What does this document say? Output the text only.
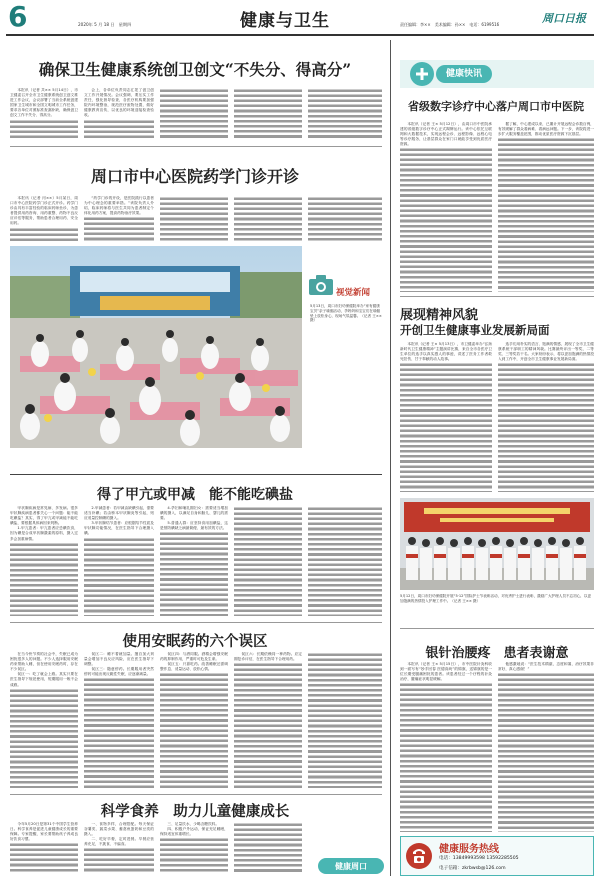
6	2020年 5 月 18 日　星期四	健康与卫生	责任编辑：李××　美术编辑：孙××　电话：6199516	周口日报
确保卫生健康系统创卫创文“不失分、得高分”

本报讯（记者 共×× 5月14日），市卫健委召开全市卫生健康系统创卫创文推进工作会议，会议部署了当前全系统创建国家卫生城市和全国文明城市工作任务，要求各单位对照标准查漏补缺，确保创卫创文工作不失分、得高分。

会上，各单位负责同志汇报了创卫创文工作开展情况。会议强调，要压实工作责任，强化督导检查，各医疗机构要加强院内环境整治，规范医疗废物处置，做好健康教育宣传，以优良的环境迎接检查验收。

周口市中心医院药学门诊开诊

本报讯（记者 闫××）5月某日，周口市中心医院药学门诊正式开诊。药学门诊由具有丰富经验的临床药师坐诊，为患者提供用药咨询、用药重整、药物不良反应评估等服务，帮助患者合理用药、安全用药。

“药学门诊的开设，是医院践行以患者为中心理念的重要举措。”该院负责人介绍，临床药师将与医生共同为患者制定个体化用药方案，提高药物治疗效果。

视觉新闻
5月13日，周口市妇幼保健院举办“家有健康宝贝”亲子瑜伽活动，孕妈妈和宝宝们在瑜伽垫上放松身心，现场气氛温馨。（记者 王×× 摄）
得了甲亢或甲减　能不能吃碘盐

甲状腺疾病是常见病、多发病。很多甲状腺疾病患者都关心一个问题：能不能吃碘盐？其实，得了甲亢或甲减能不能吃碘盐，要根据具体病因来判断。

1.甲亢患者：甲亢患者应忌碘饮食，因为碘是合成甲状腺激素的原料，摄入过多会加重病情。

2.甲减患者：若甲减由缺碘引起，需要适当补碘；若由桥本甲状腺炎等引起，则应适量控制碘的摄入。

3.甲状腺结节患者：应根据结节性质及甲状腺功能情况，在医生指导下合理摄入碘。

4.孕妇和哺乳期妇女：需要适当增加碘的摄入，以满足自身和胎儿、婴儿的需要。

5.普通人群：应坚持食用加碘盐，这是预防碘缺乏病最简便、最有效的方法。

使用安眠药的六个误区

在当今快节奏的社会中，失眠已成为困扰很多人的问题。不少人选择服用安眠药来帮助入睡，但在使用安眠药时，存在不少误区。

误区一：吃了就会上瘾。其实只要在医生指导下规范使用，短期服用一般不会成瘾。

误区二：睡不着就加量。擅自加大剂量会增加不良反应风险，应在医生指导下调整。

误区三：随意停药。长期服用者突然停药可能出现反跳性失眠，应逐渐减量。

误区四：与酒同服。酒精会增强安眠药的抑制作用，严重时可危及生命。

误区五：只靠吃药。改善睡眠还需调整作息、适量运动、放松心情。

误区六：长期依赖同一种药物。应定期复诊评估，在医生指导下合理用药。

科学食养　助力儿童健康成长

今年5月20日是第31个中国学生营养日。科学食养是促进儿童健康成长的重要保障。专家提醒，家长要帮助孩子养成良好饮食习惯。

一、食物多样，合理搭配。每天保证谷薯类、蔬菜水果、畜禽鱼蛋奶和豆类的摄入。

二、吃好早餐，定时进餐。早餐应营养充足，不挑食、不偏食。

三、足量饮水，少喝含糖饮料。

四、积极户外运动，保证充足睡眠，保持适宜体重增长。

健康周口
健康快讯
省级数字诊疗中心落户周口市中医院

本报讯（记者 王× 5月12日），由周口市中医院承建的省级数字诊疗中心正式揭牌运行。该中心依托互联网和大数据技术，实现远程会诊、远程影像、远程心电等诊疗服务，让基层群众在家门口就能享受到优质医疗资源。

据了解，中心建成以来，已累计开展远程会诊数百例，有效缓解了群众看病难、看病远问题。下一步，该院将进一步扩大服务覆盖范围，推动优质医疗资源下沉基层。

展现精神风貌
开创卫生健康事业发展新局面

本报讯（记者 王× 5月13日），市卫健委举办“弘扬新时代卫生健康精神”主题演讲比赛，来自全市各医疗卫生单位的选手以真实感人的事迹，讲述了医务工作者救死扶伤、甘于奉献的动人故事。

选手们用朴实的语言、饱满的情感，展现了全市卫生健康系统干部职工的精神风貌。比赛最终评出一等奖、二等奖、三等奖若干名。大家纷纷表示，将以更加饱满的热情投入到工作中，开创全市卫生健康事业发展新局面。

5月12日，周口市妇幼保健院开展“5·12”国际护士节表彰活动，对优秀护士进行表彰，激励广大护理人员不忘初心，以更加饱满的热情投入护理工作中。（记者 王×× 摄）
银针治腰疼　患者表谢意

本报讯（记者 王× 5月15日），市中医院针灸科收到一面写有“妙手回春 医德高尚”的锦旗，送锦旗的是一位长期受腰痛困扰的患者。该患者经过一个疗程的针灸治疗，腰痛症状明显缓解。

他感激地说：“医生技术精湛，态度和蔼，治疗效果非常好，真心感谢！”

健康服务热线
电话：13849993598 13592285505
电子信箱：zkrbwsb@126.com
